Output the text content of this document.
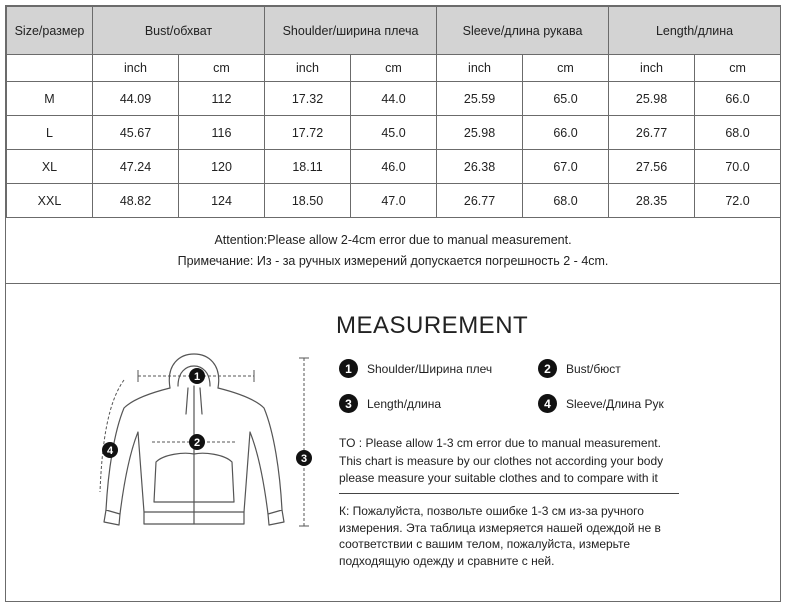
Size/размер	Bust/обхват		Shoulder/ширина плеча		Sleeve/длина рукава		Length/длина	
	inch	cm	inch	cm	inch	cm	inch	cm
M	44.09	112	17.32	44.0	25.59	65.0	25.98	66.0
L	45.67	116	17.72	45.0	25.98	66.0	26.77	68.0
XL	47.24	120	18.11	46.0	26.38	67.0	27.56	70.0
XXL	48.82	124	18.50	47.0	26.77	68.0	28.35	72.0
Attention:Please allow 2-4cm error due to manual measurement.
Примечание: Из - за ручных измерений допускается погрешность 2 - 4cm.
1
2
3
4
MEASUREMENT
1	Shoulder/Ширина плеч	2	Bust/бюст
3	Length/длина	4	Sleeve/Длина Рук
TO : Please allow 1-3 cm error due to manual measurement.
This chart is measure by our clothes not according your body
please measure your suitable clothes and to compare with it
К: Пожалуйста, позвольте ошибке 1-3 см из-за ручного
измерения. Эта таблица измеряется нашей одеждой не в
соответствии с вашим телом, пожалуйста, измерьте
подходящую одежду и сравните с ней.
